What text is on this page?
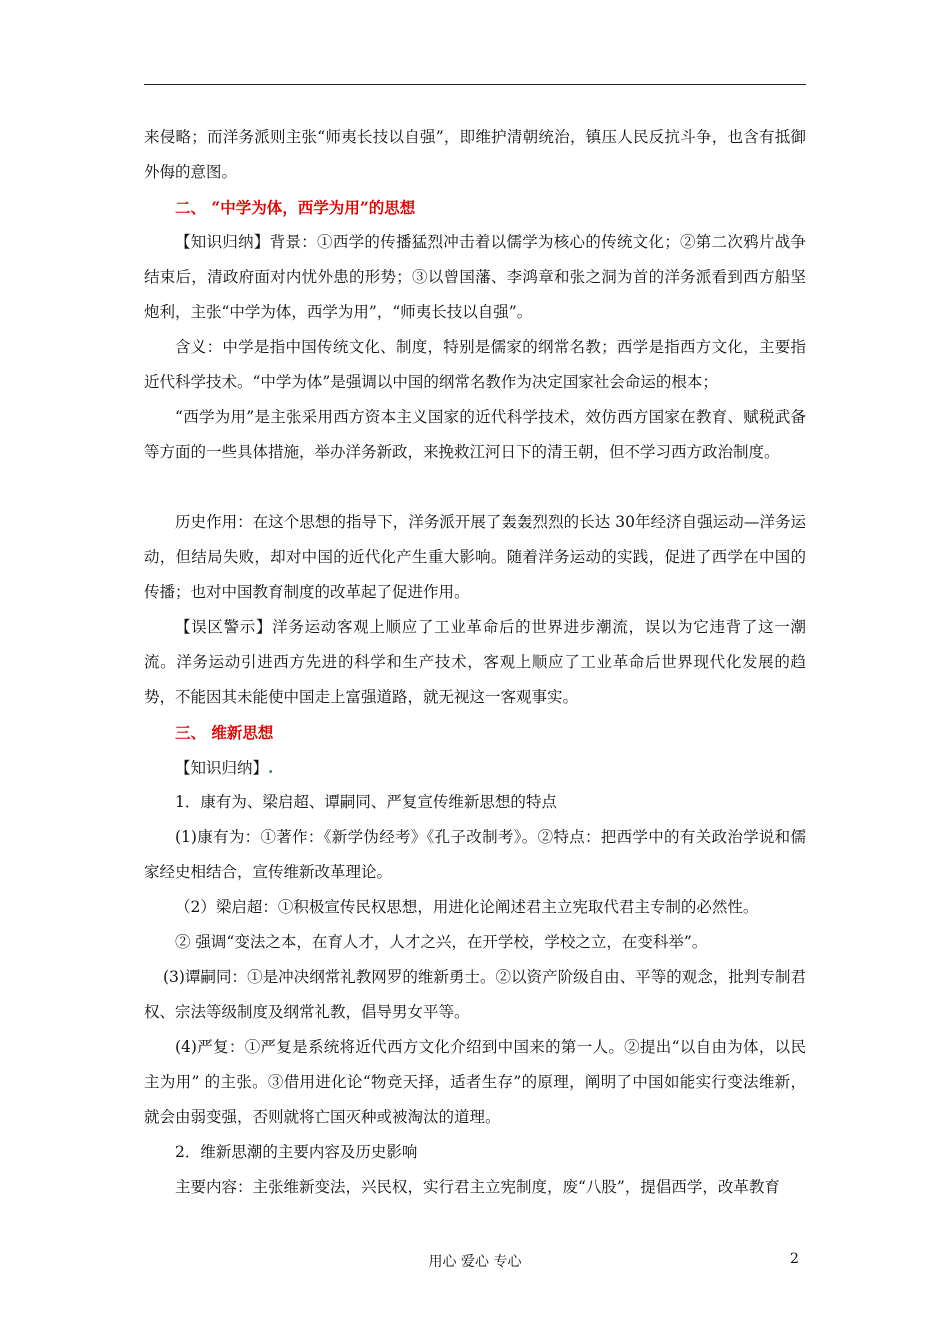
来侵略；而洋务派则主张“师夷长技以自强”，即维护清朝统治，镇压人民反抗斗争，也含有抵御外侮的意图。

二、 “中学为体，西学为用”的思想

【知识归纳】背景：①西学的传播猛烈冲击着以儒学为核心的传统文化；②第二次鸦片战争结束后，清政府面对内忧外患的形势；③以曾国藩、李鸿章和张之洞为首的洋务派看到西方船坚炮利，主张“中学为体，西学为用”，“师夷长技以自强”。

含义：中学是指中国传统文化、制度，特别是儒家的纲常名教；西学是指西方文化，主要指近代科学技术。“中学为体”是强调以中国的纲常名教作为决定国家社会命运的根本；

“西学为用”是主张采用西方资本主义国家的近代科学技术，效仿西方国家在教育、赋税武备等方面的一些具体措施，举办洋务新政，来挽救江河日下的清王朝，但不学习西方政治制度。

历史作用：在这个思想的指导下，洋务派开展了轰轰烈烈的长达 30年经济自强运动—洋务运动，但结局失败，却对中国的近代化产生重大影响。随着洋务运动的实践，促进了西学在中国的传播；也对中国教育制度的改革起了促进作用。

【误区警示】洋务运动客观上顺应了工业革命后的世界进步潮流，误以为它违背了这一潮流。洋务运动引进西方先进的科学和生产技术，客观上顺应了工业革命后世界现代化发展的趋势，不能因其未能使中国走上富强道路，就无视这一客观事实。

三、 维新思想

【知识归纳】.

1．康有为、梁启超、谭嗣同、严复宣传维新思想的特点

(1)康有为：①著作：《新学伪经考》《孔子改制考》。②特点：把西学中的有关政治学说和儒家经史相结合，宣传维新改革理论。

（2）梁启超：①积极宣传民权思想，用进化论阐述君主立宪取代君主专制的必然性。

② 强调“变法之本，在育人才，人才之兴，在开学校，学校之立，在变科举”。

(3)谭嗣同：①是冲决纲常礼教网罗的维新勇士。②以资产阶级自由、平等的观念，批判专制君权、宗法等级制度及纲常礼教，倡导男女平等。

(4)严复：①严复是系统将近代西方文化介绍到中国来的第一人。②提出“以自由为体，以民主为用” 的主张。③借用进化论“物竞天择，适者生存”的原理，阐明了中国如能实行变法维新，就会由弱变强，否则就将亡国灭种或被淘汰的道理。

2．维新思潮的主要内容及历史影响

主要内容：主张维新变法，兴民权，实行君主立宪制度，废“八股”，提倡西学，改革教育

用心 爱心 专心	2
